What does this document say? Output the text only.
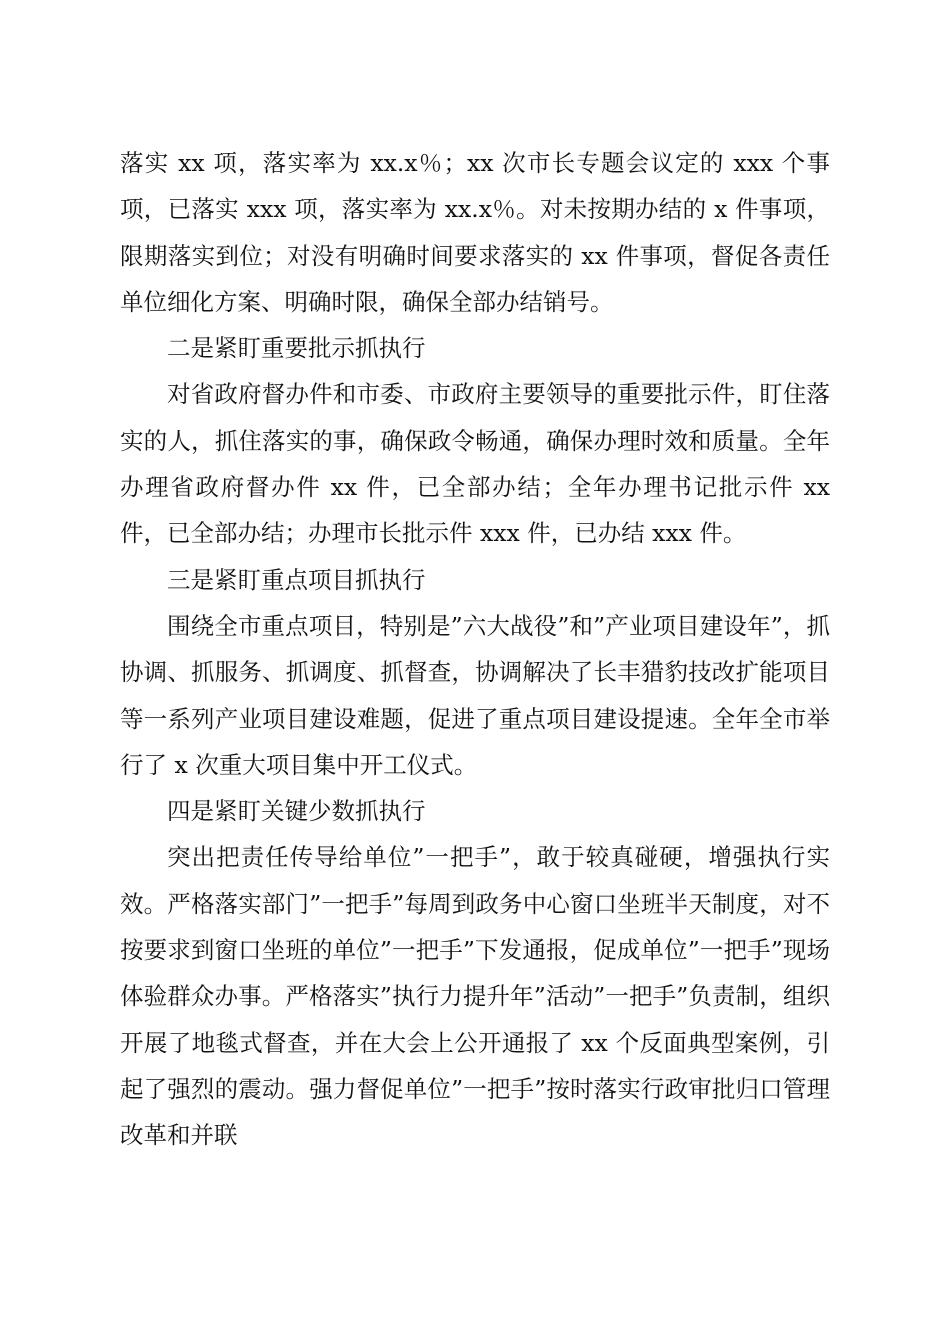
落实 xx 项，落实率为 xx.x％；xx 次市长专题会议定的 xxx 个事项，已落实 xxx 项，落实率为 xx.x％。对未按期办结的 x 件事项，限期落实到位；对没有明确时间要求落实的 xx 件事项，督促各责任单位细化方案、明确时限，确保全部办结销号。

二是紧盯重要批示抓执行

对省政府督办件和市委、市政府主要领导的重要批示件，盯住落实的人，抓住落实的事，确保政令畅通，确保办理时效和质量。全年办理省政府督办件 xx 件，已全部办结；全年办理书记批示件 xx 件，已全部办结；办理市长批示件 xxx 件，已办结 xxx 件。

三是紧盯重点项目抓执行

围绕全市重点项目，特别是”六大战役”和”产业项目建设年”，抓协调、抓服务、抓调度、抓督查，协调解决了长丰猎豹技改扩能项目等一系列产业项目建设难题，促进了重点项目建设提速。全年全市举行了 x 次重大项目集中开工仪式。

四是紧盯关键少数抓执行

突出把责任传导给单位”一把手”，敢于较真碰硬，增强执行实效。严格落实部门”一把手”每周到政务中心窗口坐班半天制度，对不按要求到窗口坐班的单位”一把手”下发通报，促成单位”一把手”现场体验群众办事。严格落实”执行力提升年”活动”一把手”负责制，组织开展了地毯式督查，并在大会上公开通报了 xx 个反面典型案例，引起了强烈的震动。强力督促单位”一把手”按时落实行政审批归口管理改革和并联
